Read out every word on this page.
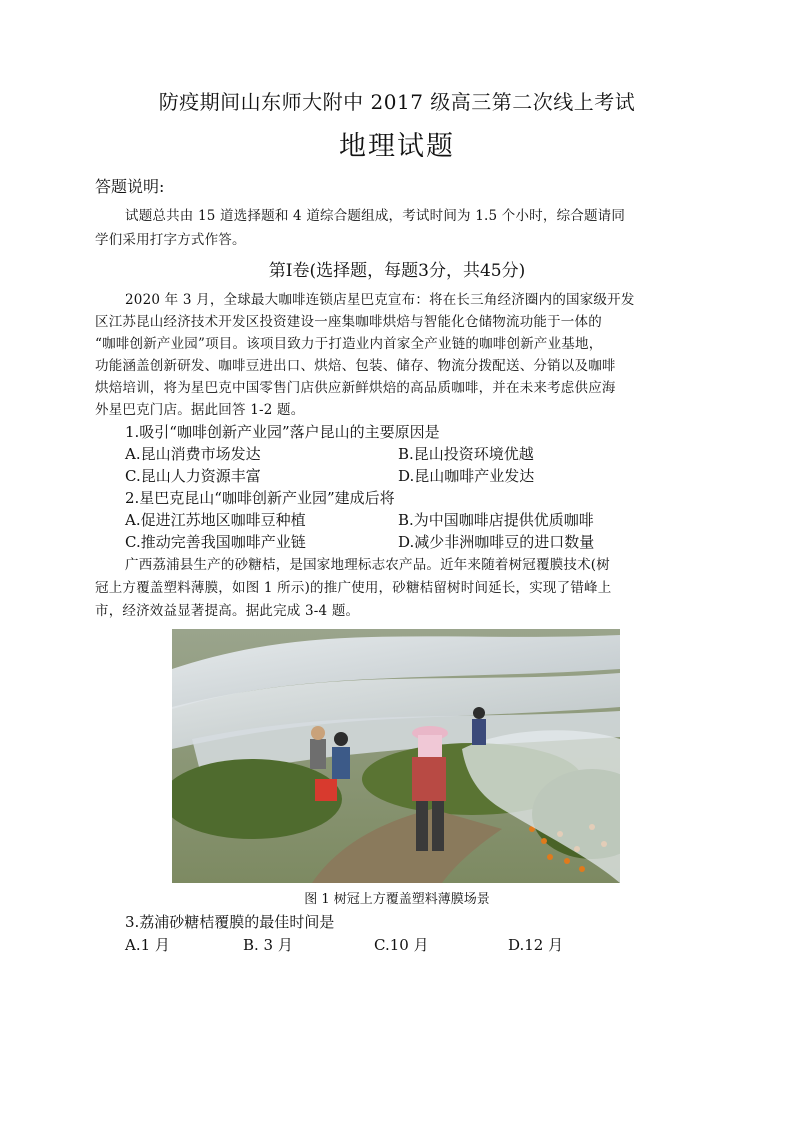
防疫期间山东师大附中 2017 级高三第二次线上考试
地理试题
答题说明:
试题总共由 15 道选择题和 4 道综合题组成，考试时间为 1.5 个小时，综合题请同
学们采用打字方式作答。
第Ⅰ卷(选择题，每题3分，共45分)
2020 年 3 月，全球最大咖啡连锁店星巴克宣布：将在长三角经济圈内的国家级开发
区江苏昆山经济技术开发区投资建设一座集咖啡烘焙与智能化仓储物流功能于一体的
“咖啡创新产业园”项目。该项目致力于打造业内首家全产业链的咖啡创新产业基地，
功能涵盖创新研发、咖啡豆进出口、烘焙、包装、储存、物流分拨配送、分销以及咖啡
烘焙培训，将为星巴克中国零售门店供应新鲜烘焙的高品质咖啡，并在未来考虑供应海
外星巴克门店。据此回答 1-2 题。
1.吸引“咖啡创新产业园”落户昆山的主要原因是
A.昆山消费市场发达	B.昆山投资环境优越
C.昆山人力资源丰富	D.昆山咖啡产业发达
2.星巴克昆山“咖啡创新产业园”建成后将
A.促进江苏地区咖啡豆种植	B.为中国咖啡店提供优质咖啡
C.推动完善我国咖啡产业链	D.减少非洲咖啡豆的进口数量
广西荔浦县生产的砂糖桔，是国家地理标志农产品。近年来随着树冠覆膜技术(树
冠上方覆盖塑料薄膜，如图 1 所示)的推广使用，砂糖桔留树时间延长，实现了错峰上
市，经济效益显著提高。据此完成 3-4 题。
图 1 树冠上方覆盖塑料薄膜场景
3.荔浦砂糖桔覆膜的最佳时间是
A.1 月	B. 3 月	C.10 月	D.12 月
